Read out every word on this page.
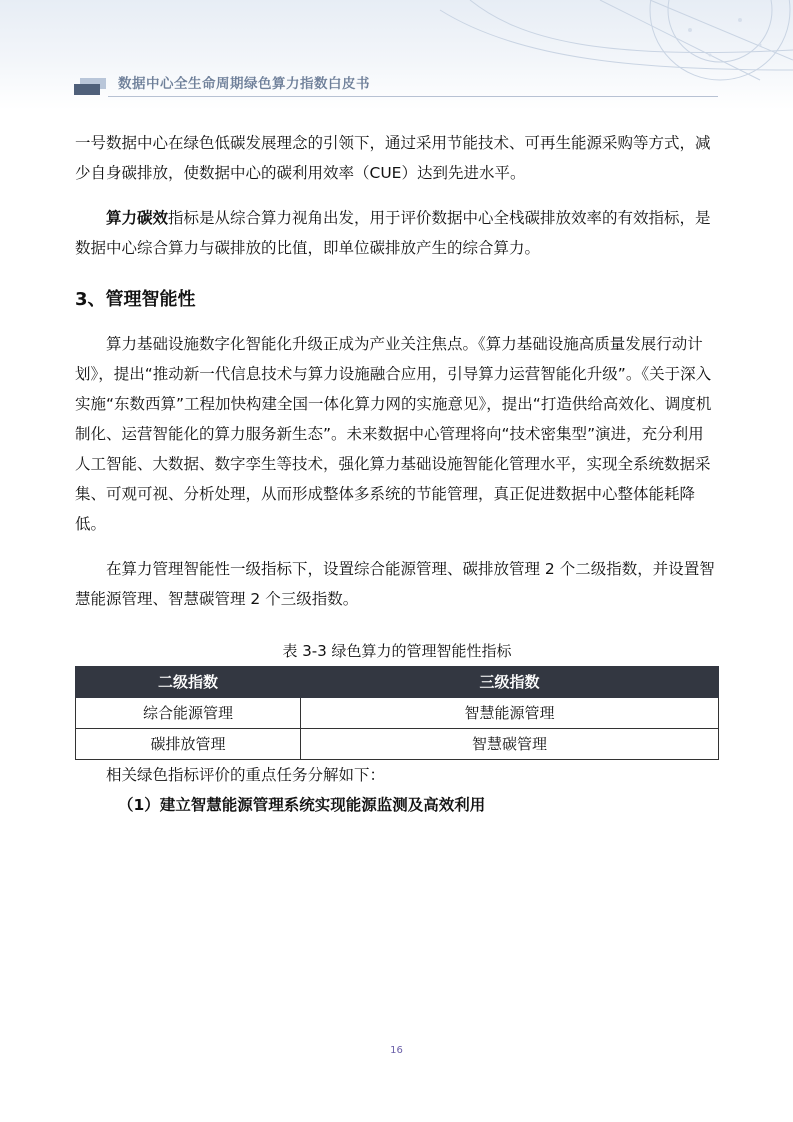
数据中心全生命周期绿色算力指数白皮书

一号数据中心在绿色低碳发展理念的引领下，通过采用节能技术、可再生能源采购等方式，减少自身碳排放，使数据中心的碳利用效率（CUE）达到先进水平。

算力碳效指标是从综合算力视角出发，用于评价数据中心全栈碳排放效率的有效指标，是数据中心综合算力与碳排放的比值，即单位碳排放产生的综合算力。

3、管理智能性

算力基础设施数字化智能化升级正成为产业关注焦点。《算力基础设施高质量发展行动计划》，提出“推动新一代信息技术与算力设施融合应用，引导算力运营智能化升级”。《关于深入实施“东数西算”工程加快构建全国一体化算力网的实施意见》，提出“打造供给高效化、调度机制化、运营智能化的算力服务新生态”。未来数据中心管理将向“技术密集型”演进，充分利用人工智能、大数据、数字孪生等技术，强化算力基础设施智能化管理水平，实现全系统数据采集、可观可视、分析处理，从而形成整体多系统的节能管理，真正促进数据中心整体能耗降低。

在算力管理智能性一级指标下，设置综合能源管理、碳排放管理 2 个二级指数，并设置智慧能源管理、智慧碳管理 2 个三级指数。

表 3-3 绿色算力的管理智能性指标
二级指数	三级指数
综合能源管理	智慧能源管理
碳排放管理	智慧碳管理

相关绿色指标评价的重点任务分解如下：

（1）建立智慧能源管理系统实现能源监测及高效利用

16
